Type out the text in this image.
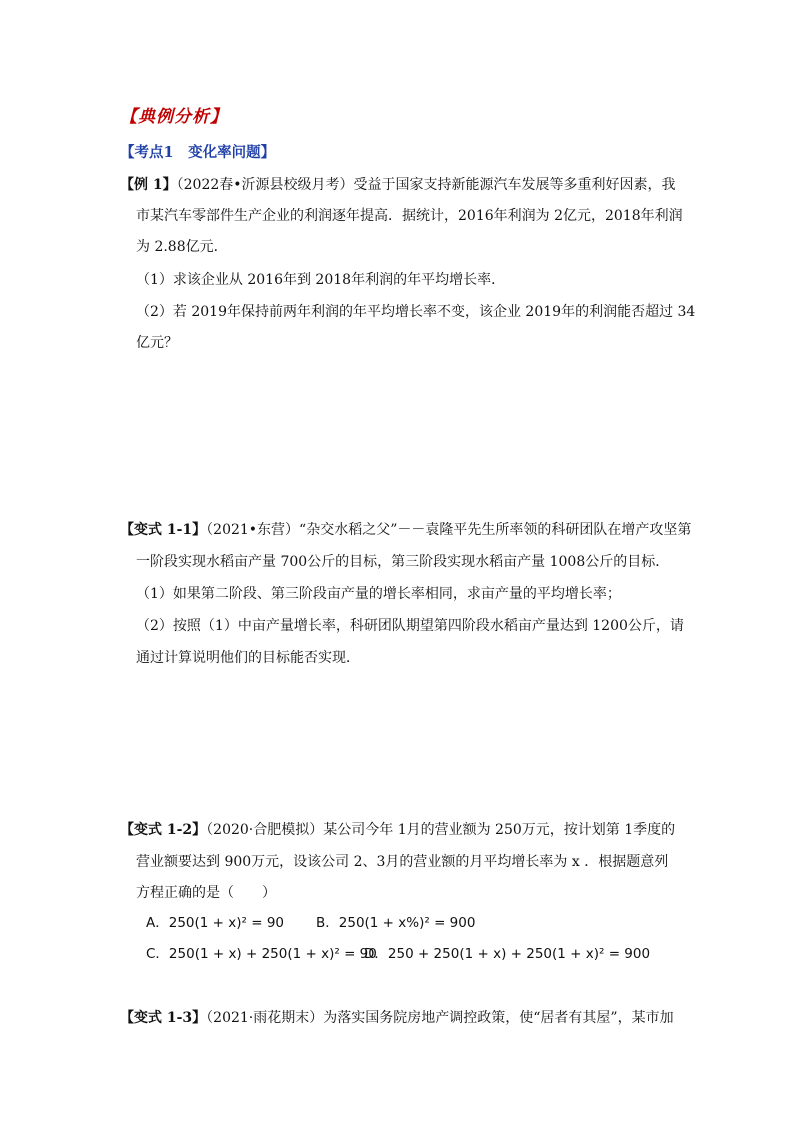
【典例分析】
【考点1　变化率问题】
【例 1】（2022春•沂源县校级月考）受益于国家支持新能源汽车发展等多重利好因素，我
市某汽车零部件生产企业的利润逐年提高．据统计，2016年利润为 2亿元，2018年利润
为 2.88亿元．
（1）求该企业从 2016年到 2018年利润的年平均增长率．
（2）若 2019年保持前两年利润的年平均增长率不变，该企业 2019年的利润能否超过 34
亿元？
【变式 1-1】（2021•东营）“杂交水稻之父”－－袁隆平先生所率领的科研团队在增产攻坚第
一阶段实现水稻亩产量 700公斤的目标，第三阶段实现水稻亩产量 1008公斤的目标．
（1）如果第二阶段、第三阶段亩产量的增长率相同，求亩产量的平均增长率；
（2）按照（1）中亩产量增长率，科研团队期望第四阶段水稻亩产量达到 1200公斤，请
通过计算说明他们的目标能否实现．
【变式 1-2】（2020·合肥模拟）某公司今年 1月的营业额为 250万元，按计划第 1季度的
营业额要达到 900万元，设该公司 2、3月的营业额的月平均增长率为 x ．根据题意列
方程正确的是（　　）
A．250(1 + x)² = 90 B．250(1 + x%)² = 900
C．250(1 + x) + 250(1 + x)² = 90D．250 + 250(1 + x) + 250(1 + x)² = 900
【变式 1-3】（2021·雨花期末）为落实国务院房地产调控政策，使“居者有其屋”，某市加
